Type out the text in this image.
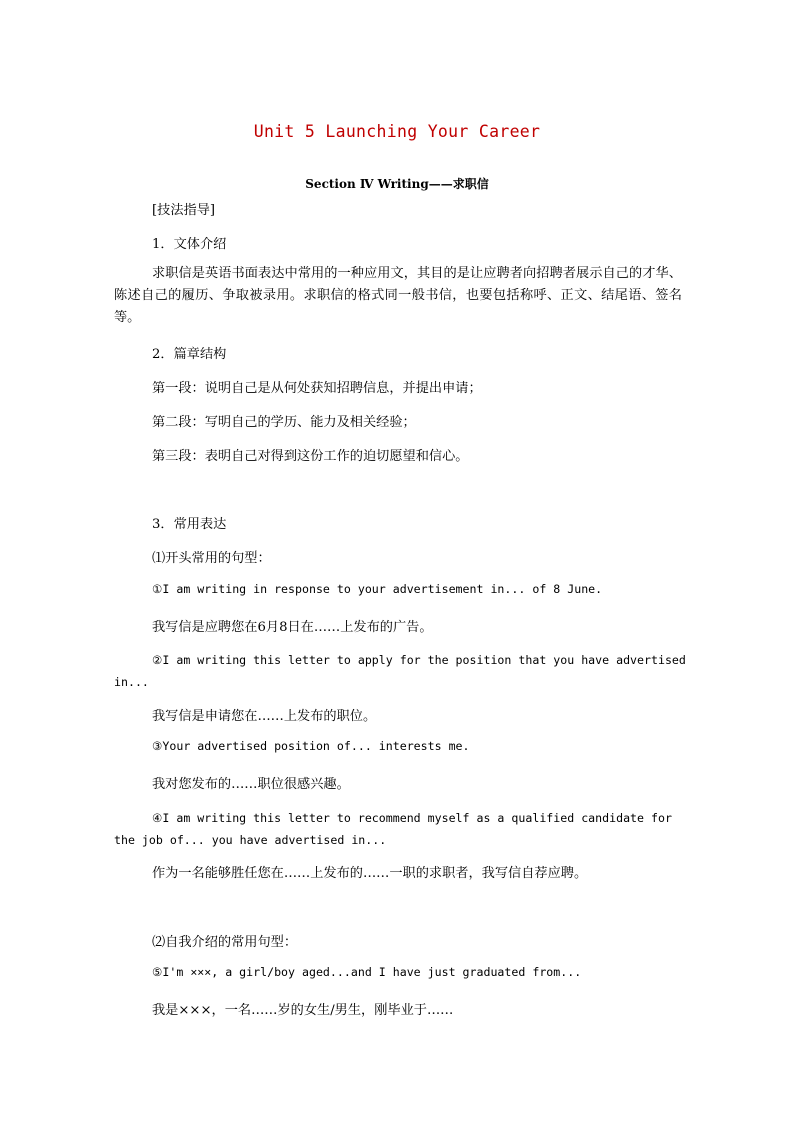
Unit 5 Launching Your Career
Section Ⅳ Writing——求职信
[技法指导]
1．文体介绍
求职信是英语书面表达中常用的一种应用文，其目的是让应聘者向招聘者展示自己的才华、陈述自己的履历、争取被录用。求职信的格式同一般书信，也要包括称呼、正文、结尾语、签名等。
2．篇章结构
第一段：说明自己是从何处获知招聘信息，并提出申请；
第二段：写明自己的学历、能力及相关经验；
第三段：表明自己对得到这份工作的迫切愿望和信心。
3．常用表达
⑴开头常用的句型：
①I am writing in response to your advertisement in... of 8 June.
我写信是应聘您在6月8日在……上发布的广告。
②I am writing this letter to apply for the position that you have advertised in...
我写信是申请您在……上发布的职位。
③Your advertised position of... interests me.
我对您发布的……职位很感兴趣。
④I am writing this letter to recommend myself as a qualified candidate for the job of... you have advertised in...
作为一名能够胜任您在……上发布的……一职的求职者，我写信自荐应聘。
⑵自我介绍的常用句型：
⑤I'm ×××, a girl/boy aged...and I have just graduated from...
我是×××，一名……岁的女生/男生，刚毕业于……
